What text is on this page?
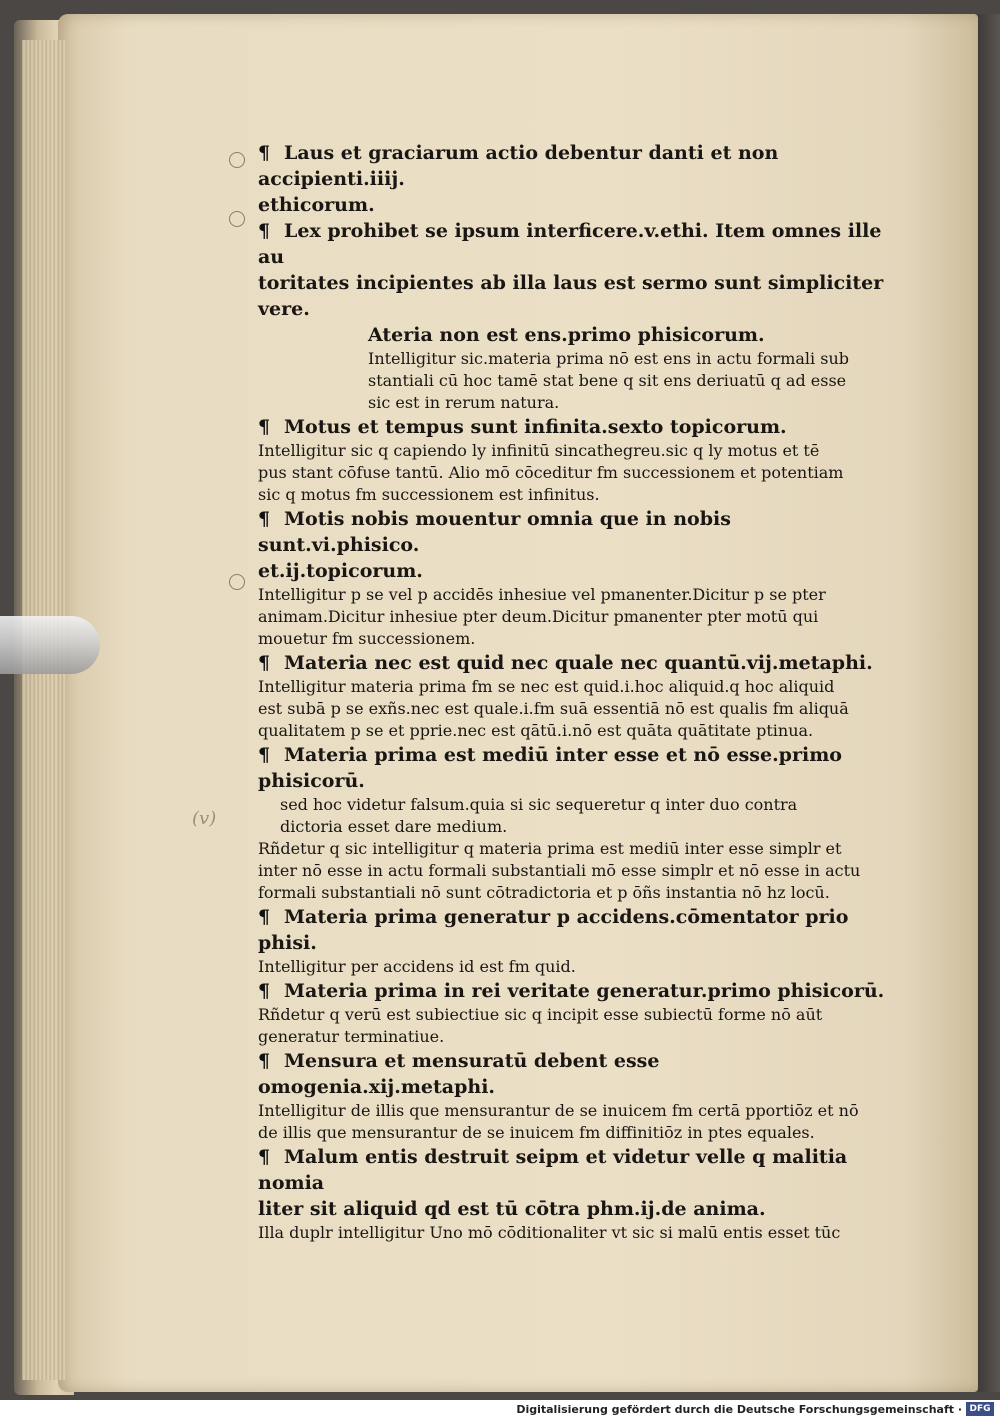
(v)
¶ Laus et graciarum actio debentur danti et non accipienti.iiij.
ethicorum.
¶ Lex prohibet se ipsum interficere.v.ethi. Item omnes ille au
toritates incipientes ab illa laus est sermo sunt simpliciter vere.
Ateria non est ens.primo phisicorum.
Intelligitur sic.materia prima nō est ens in actu formali sub
stantiali cū hoc tamē stat bene q sit ens deriuatū q ad esse
sic est in rerum natura.
¶ Motus et tempus sunt infinita.sexto topicorum.
Intelligitur sic q capiendo ly infinitū sincathegreu.sic q ly motus et tē
pus stant cōfuse tantū. Alio mō cōceditur fm successionem et potentiam
sic q motus fm successionem est infinitus.
¶ Motis nobis mouentur omnia que in nobis sunt.vi.phisico.
et.ij.topicorum.
Intelligitur p se vel p accidēs inhesiue vel pmanenter.Dicitur p se pter
animam.Dicitur inhesiue pter deum.Dicitur pmanenter pter motū qui
mouetur fm successionem.
¶ Materia nec est quid nec quale nec quantū.vij.metaphi.
Intelligitur materia prima fm se nec est quid.i.hoc aliquid.q hoc aliquid
est subā p se exñs.nec est quale.i.fm suā essentiā nō est qualis fm aliquā
qualitatem p se et pprie.nec est qātū.i.nō est quāta quātitate ptinua.
¶ Materia prima est mediū inter esse et nō esse.primo phisicorū.
sed hoc videtur falsum.quia si sic sequeretur q inter duo contra
dictoria esset dare medium.
Rñdetur q sic intelligitur q materia prima est mediū inter esse simplr et
inter nō esse in actu formali substantiali mō esse simplr et nō esse in actu
formali substantiali nō sunt cōtradictoria et p ōñs instantia nō hz locū.
¶ Materia prima generatur p accidens.cōmentator prio phisi.
Intelligitur per accidens id est fm quid.
¶ Materia prima in rei veritate generatur.primo phisicorū.
Rñdetur q verū est subiectiue sic q incipit esse subiectū forme nō aūt
generatur terminatiue.
¶ Mensura et mensuratū debent esse omogenia.xij.metaphi.
Intelligitur de illis que mensurantur de se inuicem fm certā pportiōz et nō
de illis que mensurantur de se inuicem fm diffinitiōz in ptes equales.
¶ Malum entis destruit seipm et videtur velle q malitia nomia
liter sit aliquid qd est tū cōtra phm.ij.de anima.
Illa duplr intelligitur Uno mō cōditionaliter vt sic si malū entis esset tūc
Digitalisierung gefördert durch die Deutsche Forschungsgemeinschaft · DFG
